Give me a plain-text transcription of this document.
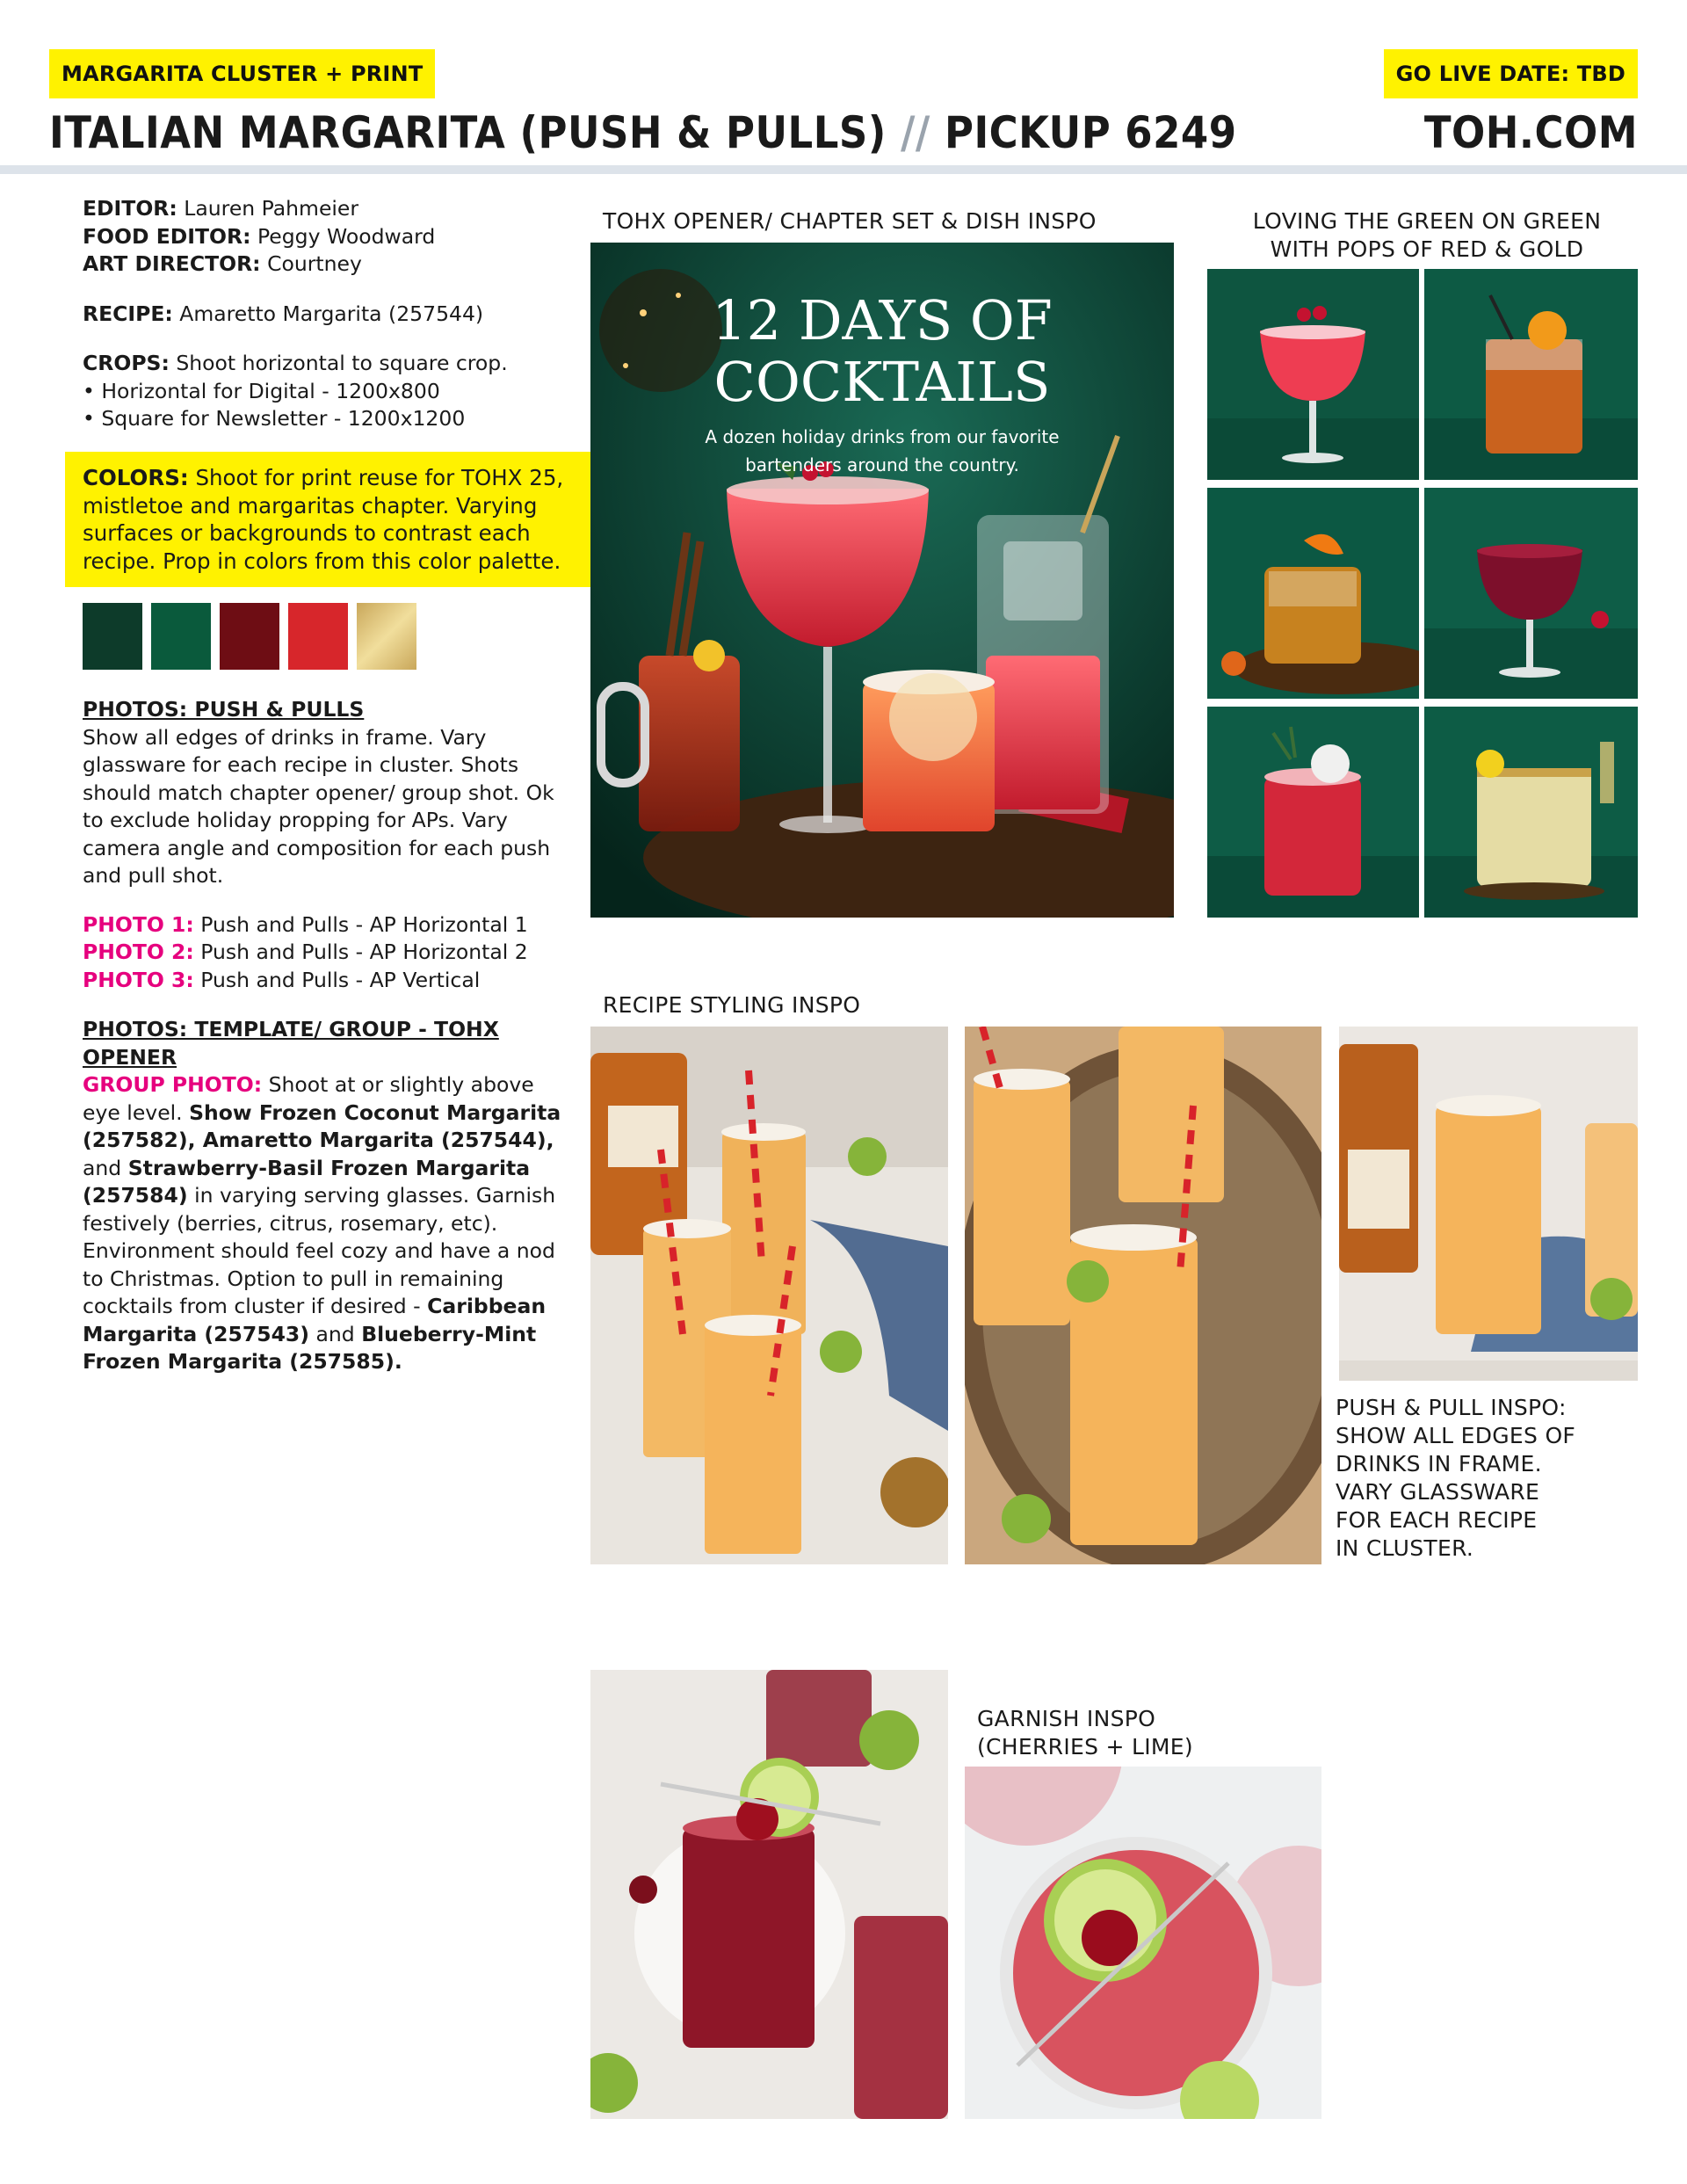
MARGARITA CLUSTER + PRINT	GO LIVE DATE: TBD
ITALIAN MARGARITA (PUSH & PULLS) // PICKUP 6249	TOH.COM

EDITOR: Lauren Pahmeier

FOOD EDITOR: Peggy Woodward

ART DIRECTOR: Courtney

RECIPE: Amaretto Margarita (257544)

CROPS: Shoot horizontal to square crop.

• Horizontal for Digital - 1200x800

• Square for Newsletter - 1200x1200

COLORS: Shoot for print reuse for TOHX 25, mistletoe and margaritas chapter. Varying surfaces or backgrounds to contrast each recipe. Prop in colors from this color palette.

PHOTOS: PUSH & PULLS

Show all edges of drinks in frame. Vary glassware for each recipe in cluster. Shots should match chapter opener/ group shot. Ok to exclude holiday propping for APs. Vary camera angle and composition for each push and pull shot.

PHOTO 1: Push and Pulls - AP Horizontal 1

PHOTO 2: Push and Pulls - AP Horizontal 2

PHOTO 3: Push and Pulls - AP Vertical

PHOTOS: TEMPLATE/ GROUP - TOHX OPENER

GROUP PHOTO: Shoot at or slightly above eye level. Show Frozen Coconut Margarita (257582), Amaretto Margarita (257544), and Strawberry-Basil Frozen Margarita (257584) in varying serving glasses. Garnish festively (berries, citrus, rosemary, etc). Environment should feel cozy and have a nod to Christmas. Option to pull in remaining cocktails from cluster if desired - Caribbean Margarita (257543) and Blueberry-Mint Frozen Margarita (257585).

TOHX OPENER/ CHAPTER SET & DISH INSPO	LOVING THE GREEN ON GREEN
WITH POPS OF RED & GOLD
RECIPE STYLING INSPO
PUSH & PULL INSPO:
SHOW ALL EDGES OF
DRINKS IN FRAME.
VARY GLASSWARE
FOR EACH RECIPE
IN CLUSTER.
GARNISH INSPO
(CHERRIES + LIME)
12 DAYS OF
COCKTAILS
A dozen holiday drinks from our favorite
bartenders around the country.
